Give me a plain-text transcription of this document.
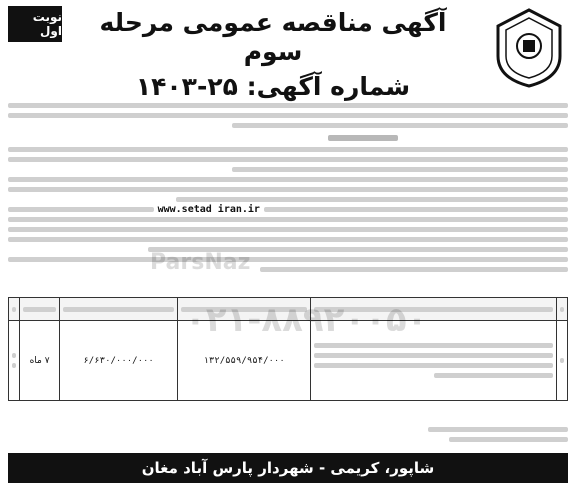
نوبت اول	آگهی مناقصه عمومی مرحله سوم
شماره آگهی: ۲۵-۱۴۰۳
www.setad iran.ir

	۱۳۲/۵۵۹/۹۵۴/۰۰۰	۶/۶۳۰/۰۰۰/۰۰۰	۷ ماه	
ParsNaz
شاپور، کریمی - شهردار پارس آباد مغان
